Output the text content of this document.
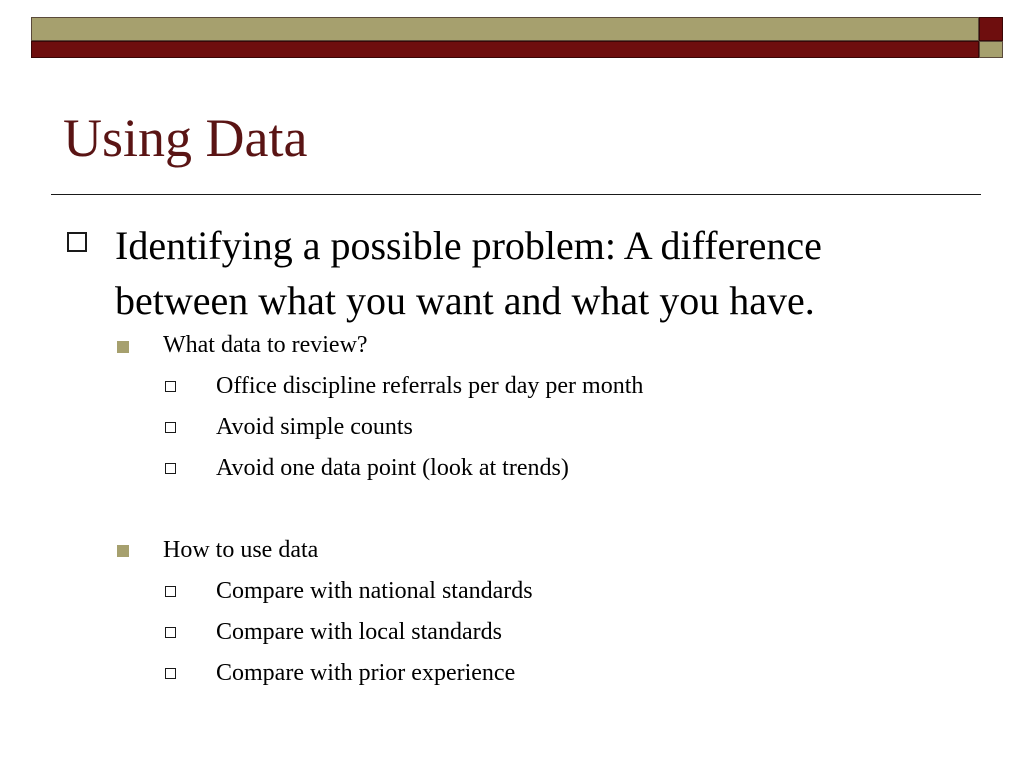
Using Data
Identifying a possible problem: A difference between what you want and what you have.
What data to review?
Office discipline referrals per day per month
Avoid simple counts
Avoid one data point (look at trends)
How to use data
Compare with national standards
Compare with local standards
Compare with prior experience
